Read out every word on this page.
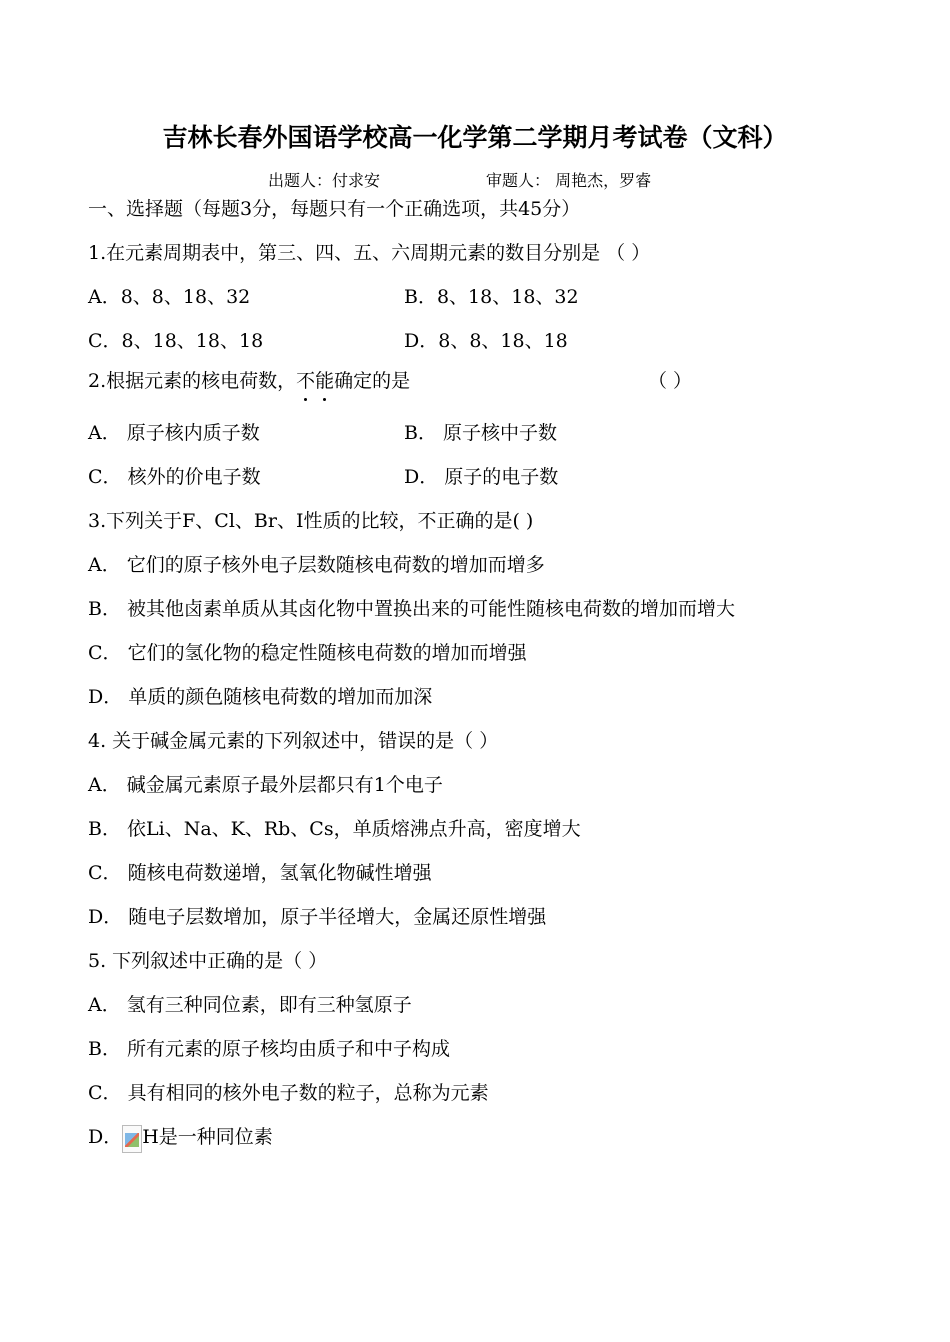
吉林长春外国语学校高一化学第二学期月考试卷（文科）
出题人：付求安	审题人： 周艳杰，罗睿
一、选择题（每题3分，每题只有一个正确选项，共45分）
1.在元素周期表中，第三、四、五、六周期元素的数目分别是 （ ）
A．8、8、18、32	B．8、18、18、32
C．8、18、18、18	D．8、8、18、18
2.根据元素的核电荷数，不能确定的是	（ ）
A． 原子核内质子数	B． 原子核中子数
C． 核外的价电子数	D． 原子的电子数
3.下列关于F、Cl、Br、I性质的比较，不正确的是( )
A． 它们的原子核外电子层数随核电荷数的增加而增多
B． 被其他卤素单质从其卤化物中置换出来的可能性随核电荷数的增加而增大
C． 它们的氢化物的稳定性随核电荷数的增加而增强
D． 单质的颜色随核电荷数的增加而加深
4. 关于碱金属元素的下列叙述中，错误的是（ ）
A． 碱金属元素原子最外层都只有1个电子
B． 依Li、Na、K、Rb、Cs，单质熔沸点升高，密度增大
C． 随核电荷数递增，氢氧化物碱性增强
D． 随电子层数增加，原子半径增大，金属还原性增强
5. 下列叙述中正确的是（ ）
A． 氢有三种同位素，即有三种氢原子
B． 所有元素的原子核均由质子和中子构成
C． 具有相同的核外电子数的粒子，总称为元素
D． H是一种同位素
